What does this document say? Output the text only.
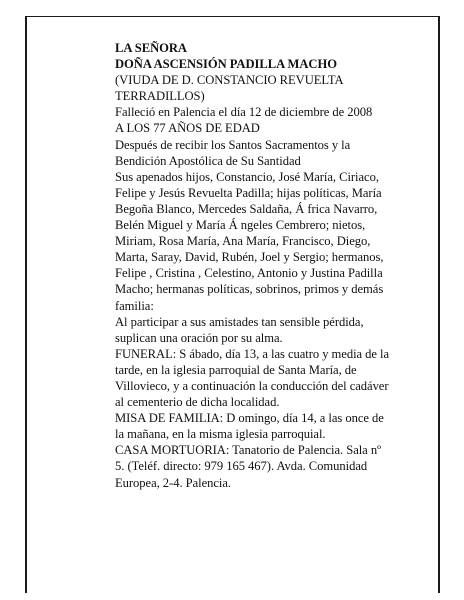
LA SEÑORA

DOÑA ASCENSIÓN PADILLA MACHO

(VIUDA DE D. CONSTANCIO REVUELTA

TERRADILLOS)

Falleció en Palencia el día 12 de diciembre de 2008

A LOS 77 AÑOS DE EDAD

Después de recibir los Santos Sacramentos y la

Bendición Apostólica de Su Santidad

Sus apenados hijos, Constancio, José María, Ciriaco,

Felipe y Jesús Revuelta Padilla; hijas políticas, María

Begoña Blanco, Mercedes Saldaña, Á frica Navarro,

Belén Miguel y María Á ngeles Cembrero; nietos,

Miriam, Rosa María, Ana María, Francisco, Diego,

Marta, Saray, David, Rubén, Joel y Sergio; hermanos,

Felipe , Cristina , Celestino, Antonio y Justina Padilla

Macho; hermanas políticas, sobrinos, primos y demás

familia:

Al participar a sus amistades tan sensible pérdida,

suplican una oración por su alma.

FUNERAL: S ábado, día 13, a las cuatro y media de la

tarde, en la iglesia parroquial de Santa María, de

Villovieco, y a continuación la conducción del cadáver

al cementerio de dicha localidad.

MISA DE FAMILIA: D omingo, día 14, a las once de

la mañana, en la misma iglesia parroquial.

CASA MORTUORIA: Tanatorio de Palencia. Sala nº

5. (Teléf. directo: 979 165 467). Avda. Comunidad

Europea, 2-4. Palencia.
